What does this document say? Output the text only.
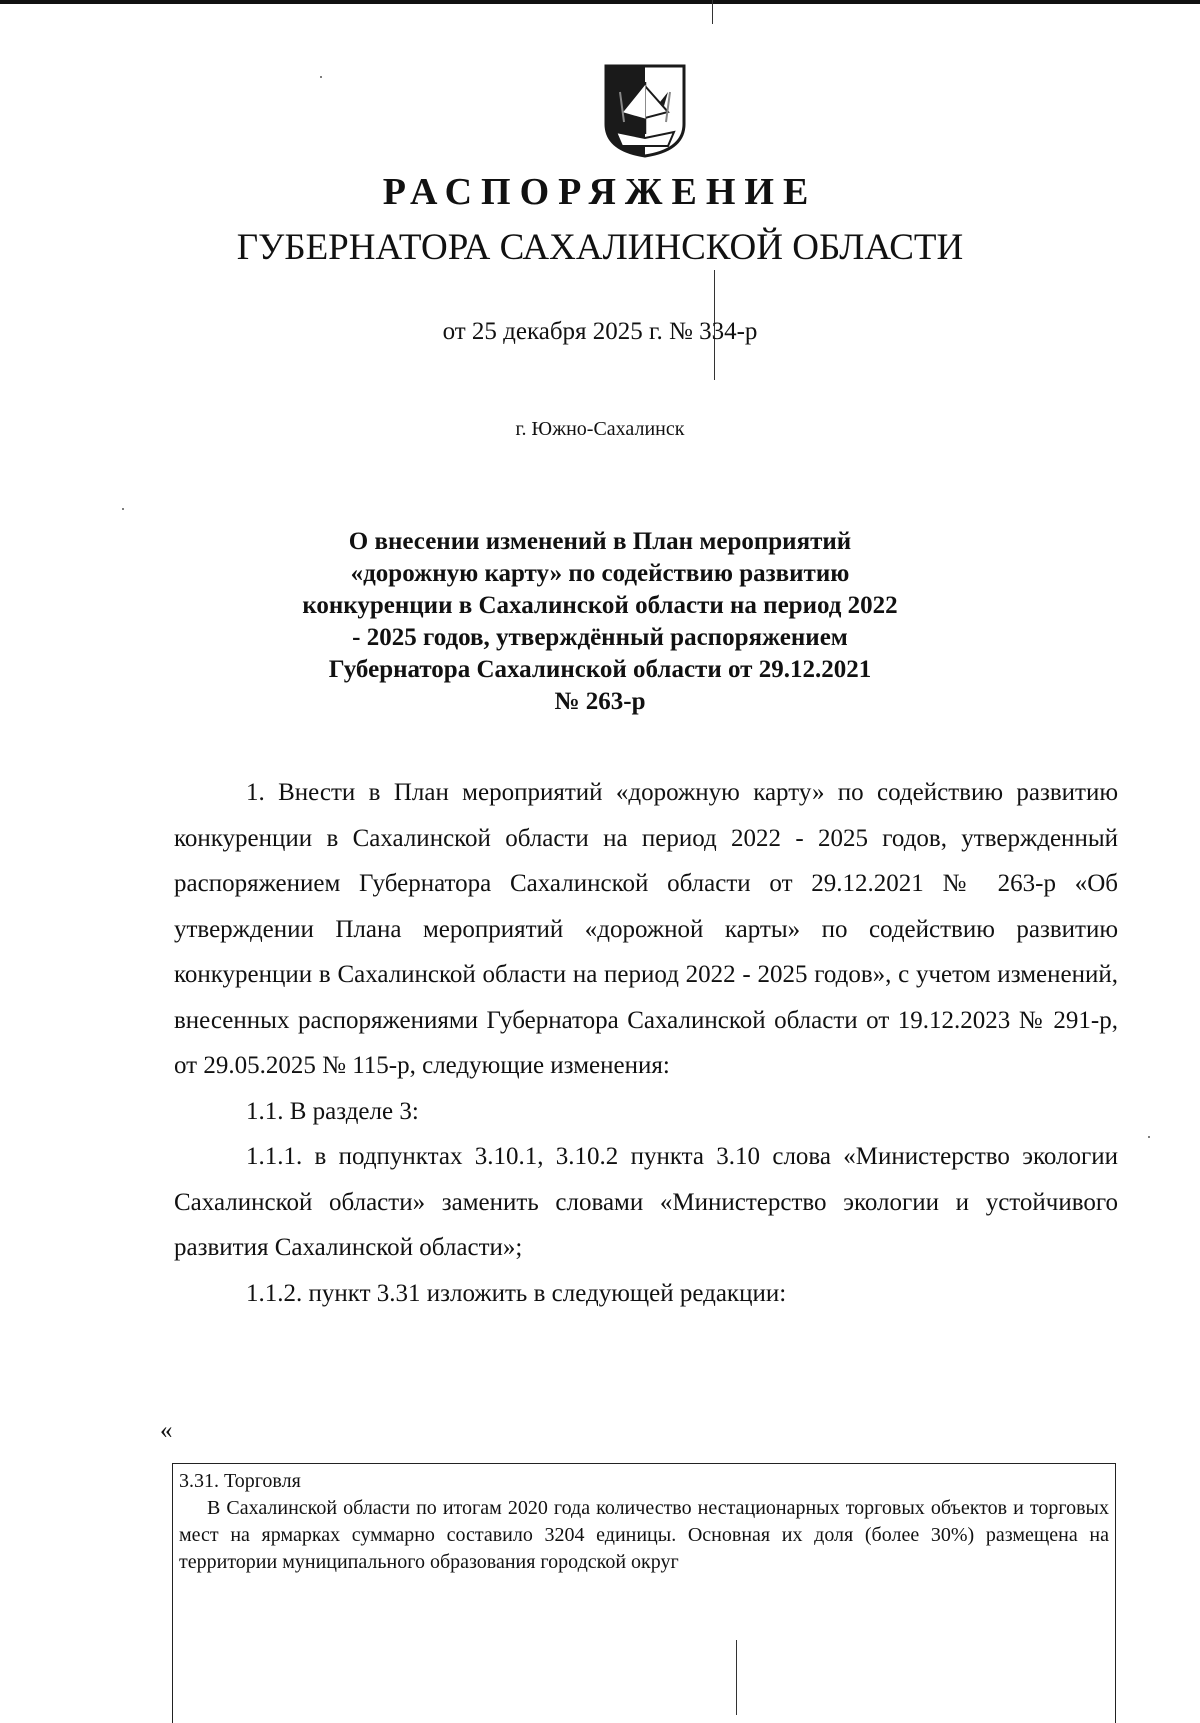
РАСПОРЯЖЕНИЕ
ГУБЕРНАТОРА САХАЛИНСКОЙ ОБЛАСТИ
от 25 декабря 2025 г. № 334-р
г. Южно-Сахалинск
О внесении изменений в План мероприятий
«дорожную карту» по содействию развитию
конкуренции в Сахалинской области на период 2022
- 2025 годов, утверждённый распоряжением
Губернатора Сахалинской области от 29.12.2021
№ 263-р

1. Внести в План мероприятий «дорожную карту» по содействию развитию конкуренции в Сахалинской области на период 2022 - 2025 годов, утвержденный распоряжением Губернатора Сахалинской области от 29.12.2021 № 263-р «Об утверждении Плана мероприятий «дорожной карты» по содействию развитию конкуренции в Сахалинской области на период 2022 - 2025 годов», с учетом изменений, внесенных распоряжениями Губернатора Сахалинской области от 19.12.2023 № 291-р, от 29.05.2025 № 115-р, следующие изменения:

1.1. В разделе 3:

1.1.1. в подпунктах 3.10.1, 3.10.2 пункта 3.10 слова «Министерство экологии Сахалинской области» заменить словами «Министерство экологии и устойчивого развития Сахалинской области»;

1.1.2. пункт 3.31 изложить в следующей редакции:

«

3.31. Торговля

В Сахалинской области по итогам 2020 года количество нестационарных торговых объектов и торговых мест на ярмарках суммарно составило 3204 единицы. Основная их доля (более 30%) размещена на территории муниципального образования городской округ
